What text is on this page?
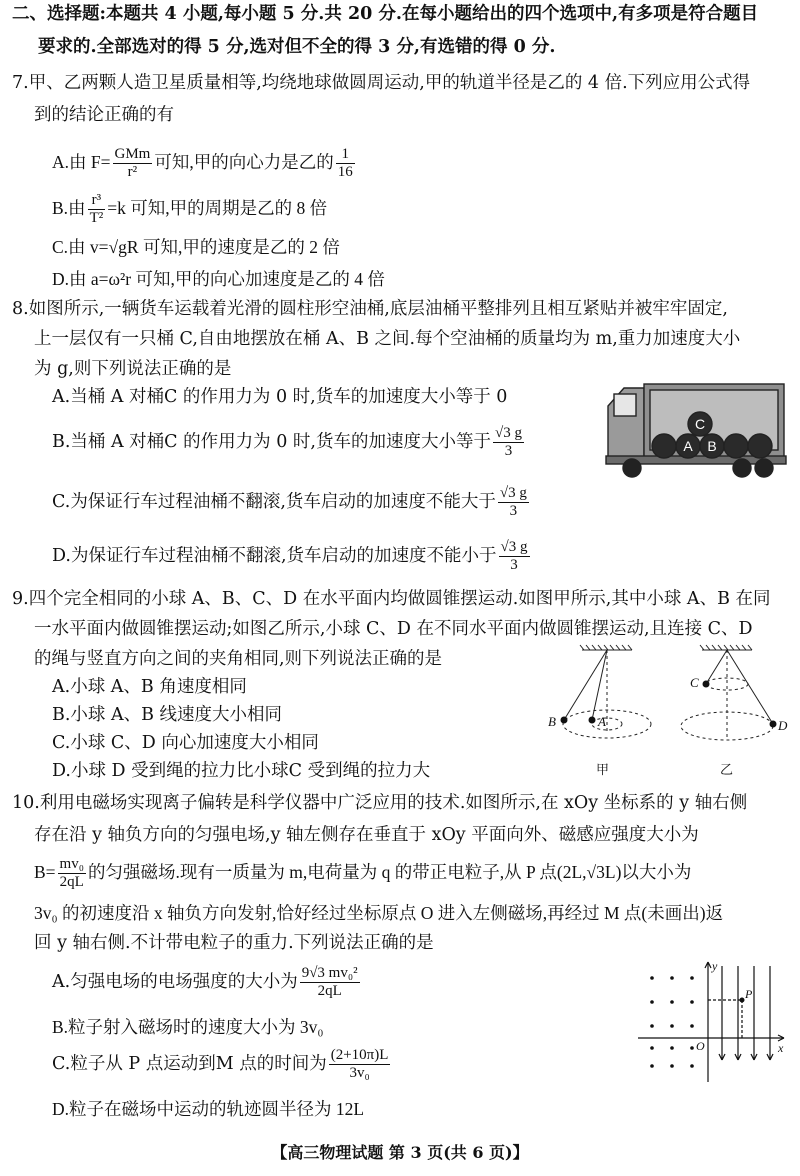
二、选择题:本题共 4 小题,每小题 5 分.共 20 分.在每小题给出的四个选项中,有多项是符合题目
要求的.全部选对的得 5 分,选对但不全的得 3 分,有选错的得 0 分.
7.甲、乙两颗人造卫星质量相等,均绕地球做圆周运动,甲的轨道半径是乙的 4 倍.下列应用公式得
到的结论正确的有
A.由 $F= \frac{\text{GMm}}{\text{r²}}$ 可知,甲的向心力是乙的 $\frac{1}{16}$
B.由 $\frac{\text{r³}}{\text{T²}} =k$ 可知,甲的周期是乙的 8 倍
C.由 v=√gR 可知,甲的速度是乙的 2 倍
D.由 a=ω²r 可知,甲的向心加速度是乙的 4 倍
8.如图所示,一辆货车运载着光滑的圆柱形空油桶,底层油桶平整排列且相互紧贴并被牢牢固定,
上一层仅有一只桶 C,自由地摆放在桶 A、B 之间.每个空油桶的质量均为 m,重力加速度大小
为 g,则下列说法正确的是
A.当桶 A 对桶C 的作用力为 0 时,货车的加速度大小等于 0
B.当桶 A 对桶C 的作用力为 0 时,货车的加速度大小等于 $\frac{√3 g}{3}$
C.为保证行车过程油桶不翻滚,货车启动的加速度不能大于 $\frac{√3 g}{3}$
D.为保证行车过程油桶不翻滚,货车启动的加速度不能小于 $\frac{√3 g}{3}$
C
A B
9.四个完全相同的小球 A、B、C、D 在水平面内均做圆锥摆运动.如图甲所示,其中小球 A、B 在同
一水平面内做圆锥摆运动;如图乙所示,小球 C、D 在不同水平面内做圆锥摆运动,且连接 C、D
的绳与竖直方向之间的夹角相同,则下列说法正确的是
A.小球 A、B 角速度相同
B.小球 A、B 线速度大小相同
C.小球 C、D 向心加速度大小相同
D.小球 D 受到绳的拉力比小球C 受到绳的拉力大
B	A
C
D
甲	乙
10.利用电磁场实现离子偏转是科学仪器中广泛应用的技术.如图所示,在 xOy 坐标系的 y 轴右侧
存在沿 y 轴负方向的匀强电场,y 轴左侧存在垂直于 xOy 平面向外、磁感应强度大小为
$B= \frac{\text{mv₀}}{2qL}$ 的匀强磁场.现有一质量为 m,电荷量为 q 的带正电粒子,从 P 点(2L,√3L)以大小为
3v₀ 的初速度沿 x 轴负方向发射,恰好经过坐标原点 O 进入左侧磁场,再经过 M 点(未画出)返
回 y 轴右侧.不计带电粒子的重力.下列说法正确的是
A.匀强电场的电场强度的大小为 $\frac{\text{9√3 mv₀²}}{2qL}$
B.粒子射入磁场时的速度大小为 3v₀
C.粒子从 P 点运动到M 点的时间为 $\frac{(2+10\pi)L}{\text{3v₀}}$
D.粒子在磁场中运动的轨迹圆半径为 12L
y
x
O
P
【高三物理试题 第 3 页(共 6 页)】
